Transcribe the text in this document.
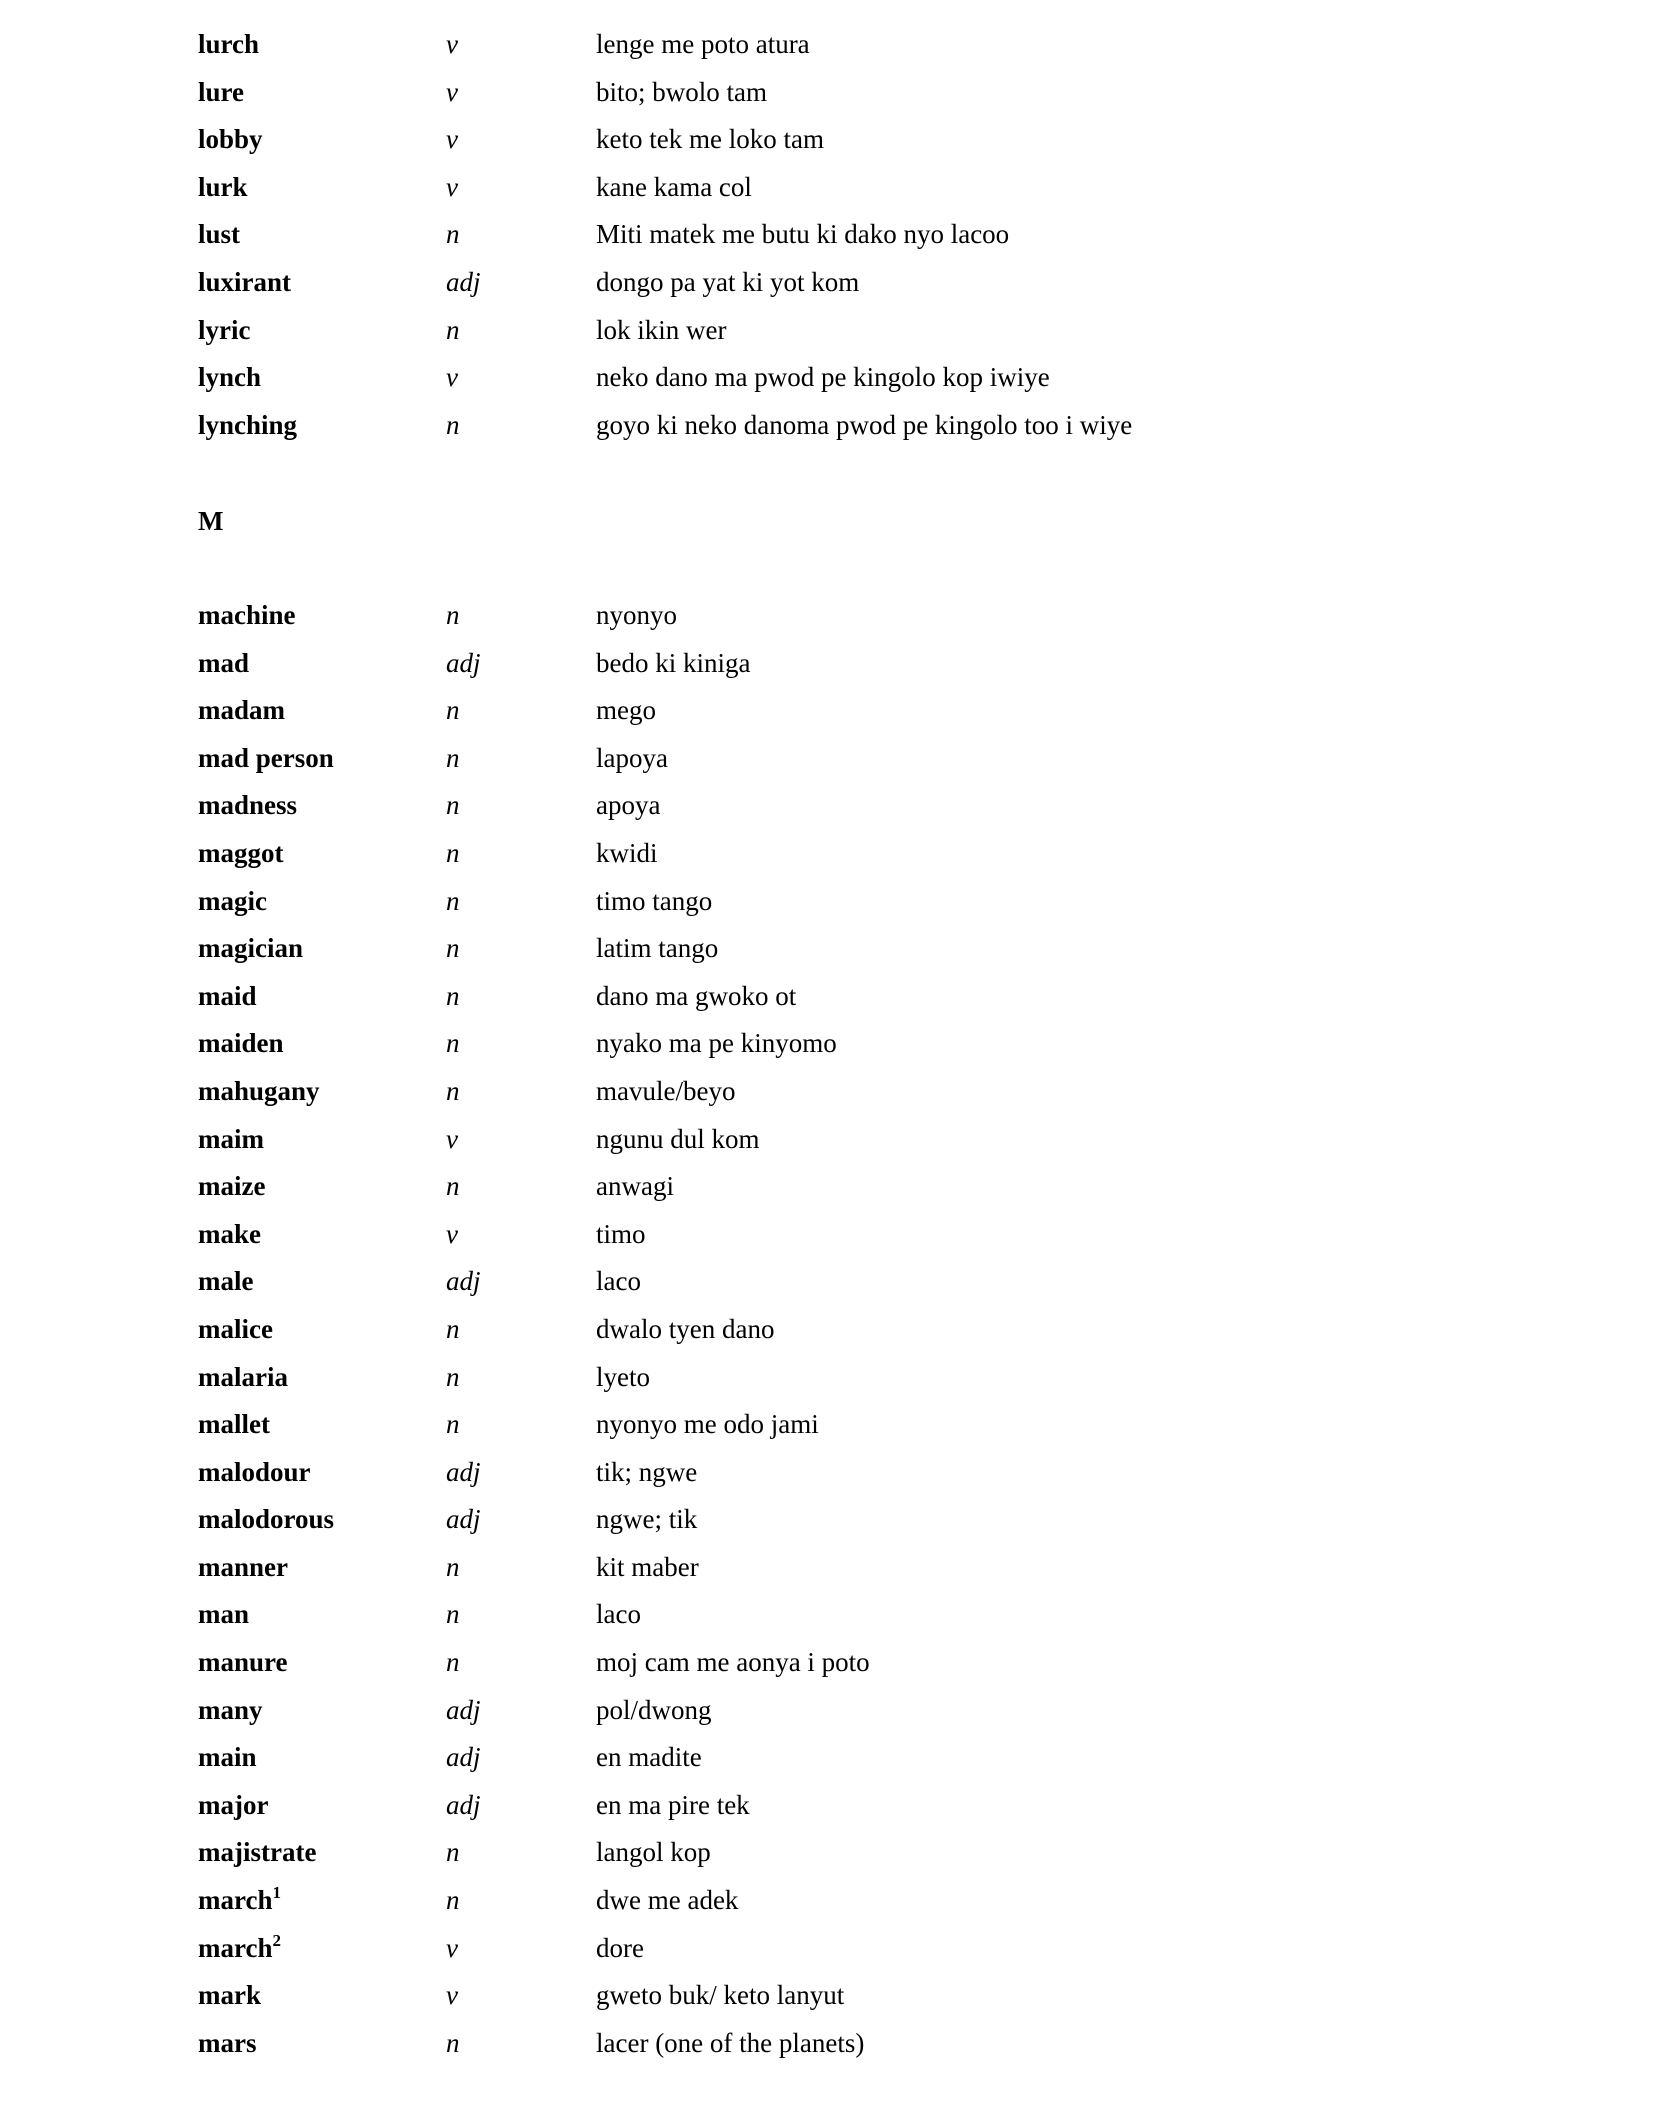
lurch	v	lenge me poto atura
lure	v	bito; bwolo tam
lobby	v	keto tek me loko tam
lurk	v	kane kama col
lust	n	Miti matek me butu ki dako nyo lacoo
luxirant	adj	dongo pa yat ki yot kom
lyric	n	lok ikin wer
lynch	v	neko dano ma pwod pe kingolo kop iwiye
lynching	n	goyo ki neko danoma pwod pe kingolo too i wiye
M
machine	n	nyonyo
mad	adj	bedo ki kiniga
madam	n	mego
mad person	n	lapoya
madness	n	apoya
maggot	n	kwidi
magic	n	timo tango
magician	n	latim tango
maid	n	dano ma gwoko ot
maiden	n	nyako ma pe kinyomo
mahugany	n	mavule/beyo
maim	v	ngunu dul kom
maize	n	anwagi
make	v	timo
male	adj	laco
malice	n	dwalo tyen dano
malaria	n	lyeto
mallet	n	nyonyo me odo jami
malodour	adj	tik; ngwe
malodorous	adj	ngwe; tik
manner	n	kit maber
man	n	laco
manure	n	moj cam me aonya i poto
many	adj	pol/dwong
main	adj	en madite
major	adj	en ma pire tek
majistrate	n	langol kop
march$^1$	n	dwe me adek
march$^2$	v	dore
mark	v	gweto buk/ keto lanyut
mars	n	lacer (one of the planets)
